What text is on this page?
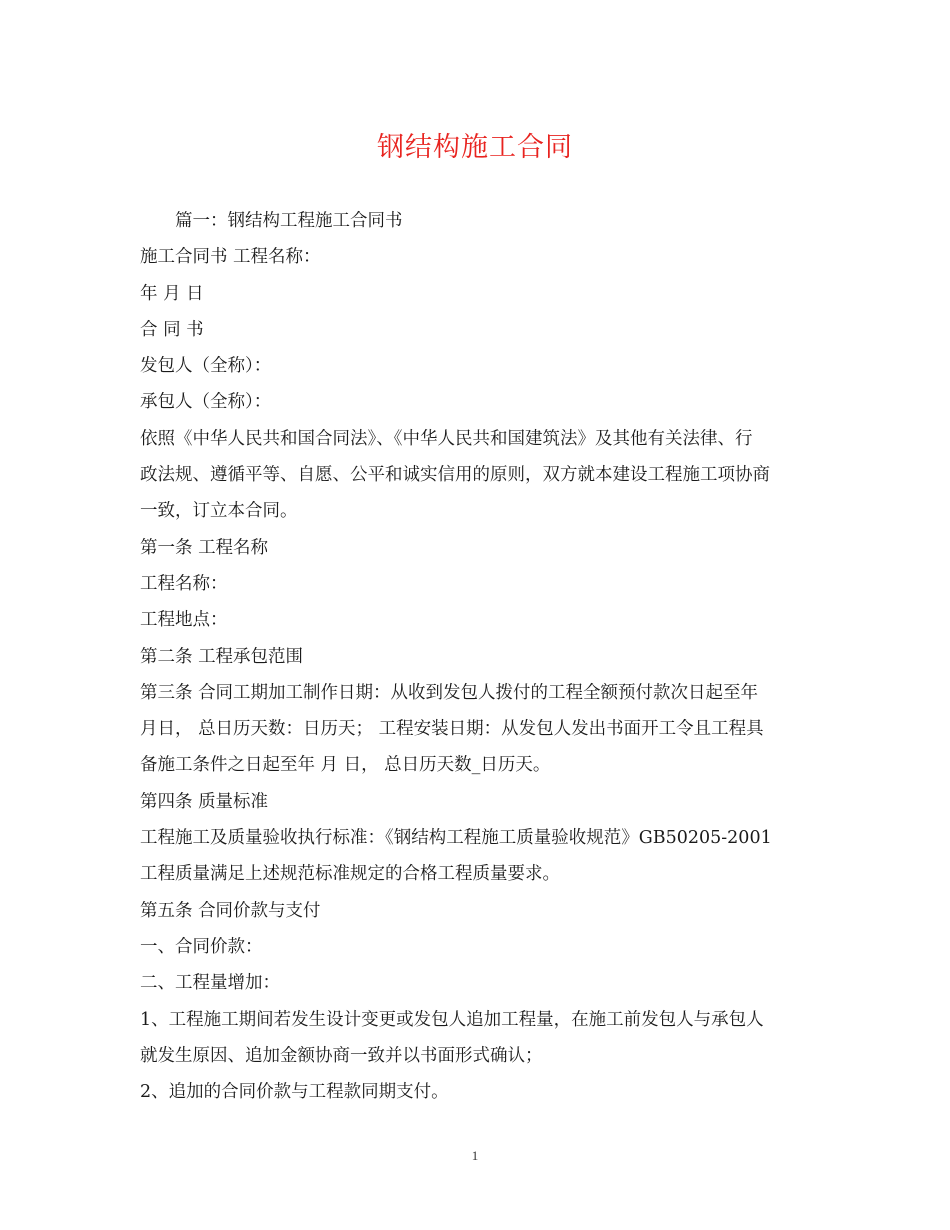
钢结构施工合同
篇一：钢结构工程施工合同书
施工合同书 工程名称：
年 月 日
合 同 书
发包人（全称）：
承包人（全称）：
依照《中华人民共和国合同法》、《中华人民共和国建筑法》及其他有关法律、行
政法规、遵循平等、自愿、公平和诚实信用的原则，双方就本建设工程施工项协商
一致，订立本合同。
第一条 工程名称
工程名称：
工程地点：
第二条 工程承包范围
第三条 合同工期加工制作日期：从收到发包人拨付的工程全额预付款次日起至年
月日， 总日历天数：日历天； 工程安装日期：从发包人发出书面开工令且工程具
备施工条件之日起至年 月 日， 总日历天数_日历天。
第四条 质量标准
工程施工及质量验收执行标准：《钢结构工程施工质量验收规范》GB50205-2001
工程质量满足上述规范标准规定的合格工程质量要求。
第五条 合同价款与支付
一、合同价款：
二、工程量增加：
1、工程施工期间若发生设计变更或发包人追加工程量，在施工前发包人与承包人
就发生原因、追加金额协商一致并以书面形式确认；
2、追加的合同价款与工程款同期支付。
1
